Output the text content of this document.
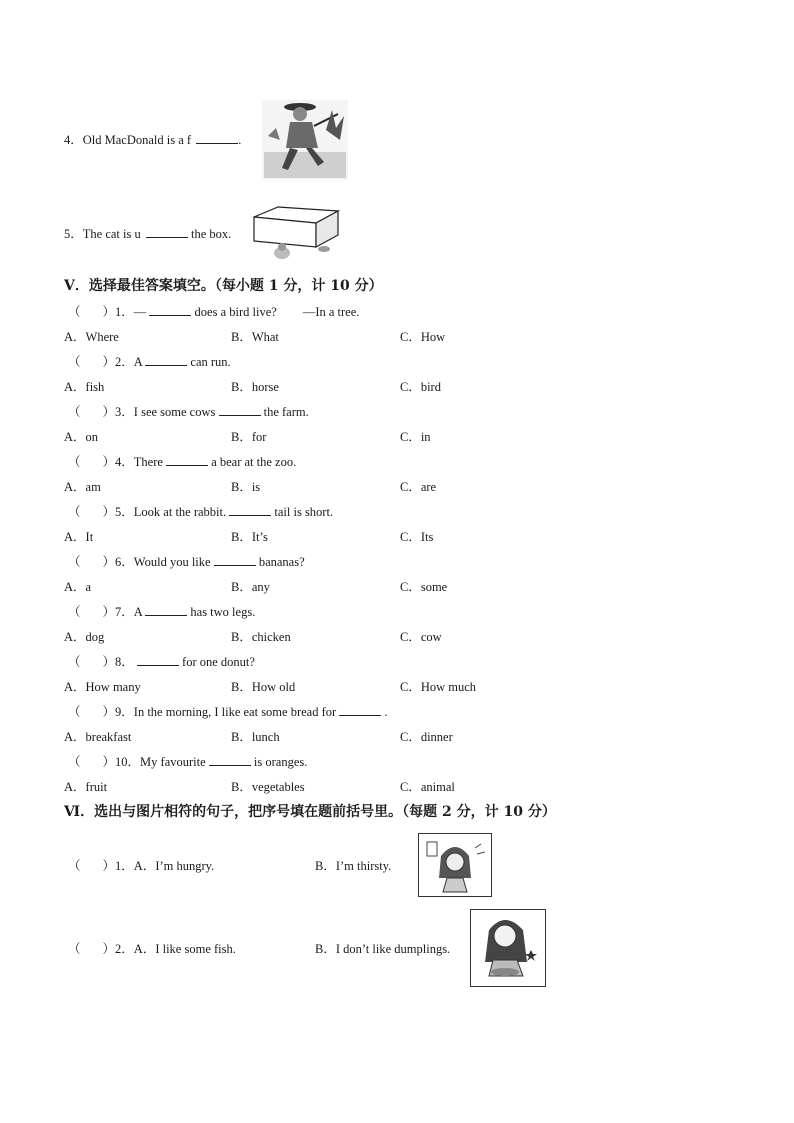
4．Old MacDonald is a f	.
5．The cat is u	the box.
V．选择最佳答案填空。（每小题 1 分，计 10 分）
（ ）1．—	does a bird live? —In a tree.
A．Where	B．What	C．How
（ ）2．A	can run.
A．fish	B．horse	C．bird
（ ）3．I see some cows	the farm.
A．on	B．for	C．in
（ ）4．There	a bear at the zoo.
A．am	B．is	C．are
（ ）5．Look at the rabbit.	tail is short.
A．It	B．It’s	C．Its
（ ）6．Would you like	bananas?
A．a	B．any	C．some
（ ）7．A	has two legs.
A．dog	B．chicken	C．cow
（ ）8．	for one donut?
A．How many	B．How old	C．How much
（ ）9．In the morning, I like eat some bread for	.
A．breakfast	B．lunch	C．dinner
（ ）10．My favourite	is oranges.
A．fruit	B．vegetables	C．animal
Ⅵ．选出与图片相符的句子，把序号填在题前括号里。（每题 2 分，计 10 分）
（ ）1．A．I’m hungry.	B．I’m thirsty.
（ ）2．A．I like some fish.	B．I don’t like dumplings.
